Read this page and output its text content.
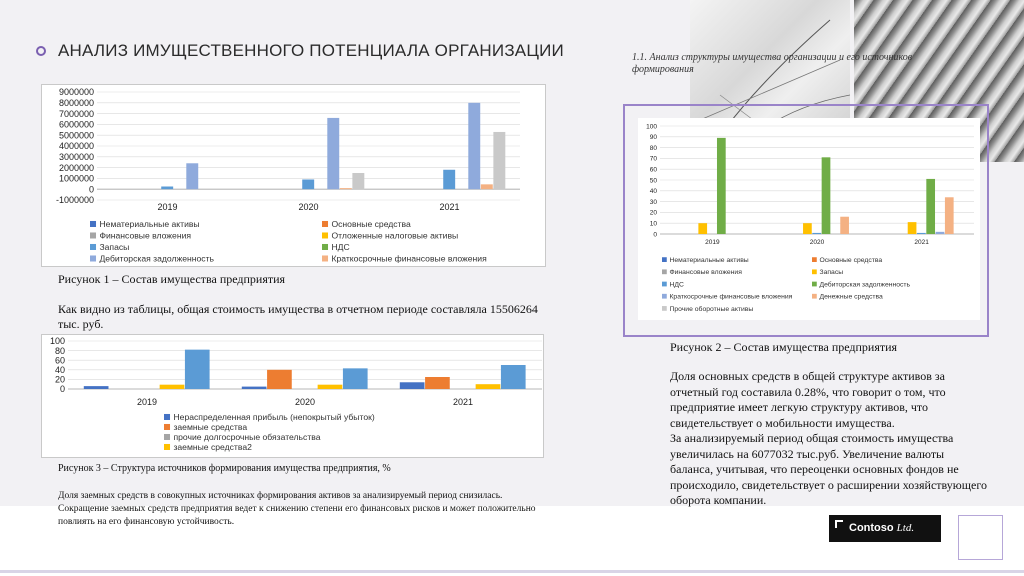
АНАЛИЗ ИМУЩЕСТВЕННОГО ПОТЕНЦИАЛА ОРГАНИЗАЦИИ	1.1. Анализ структуры имущества организации и его источников формирования
9000000
8000000
7000000
6000000
5000000
4000000
3000000
2000000
1000000
0
-1000000
2019	2020	2021
Нематериальные активы	Основные средства
Финансовые вложения	Отложенные налоговые активы
Запасы	НДС
Дебиторская задолженность	Краткосрочные финансовые вложения
Рисунок 1 – Состав имущества предприятия
Как видно из таблицы, общая стоимость имущества в отчетном периоде составляла 15506264 тыс. руб.
100
80
60
40
20
0
2019	2020	2021
Нераспределенная прибыль (непокрытый убыток)
заемные средства
прочие долгосрочные обязательства
заемные средства2
Рисунок 3 – Структура источников формирования имущества предприятия, %
Доля заемных средств в совокупных источниках формирования активов за анализируемый период снизилась. Сокращение заемных средств предприятия ведет к снижению степени его финансовых рисков и может положительно повлиять на его финансовую устойчивость.
100
90
80
70
60
50
40
30
20
10
0
2019	2020	2021
Нематериальные активы	Основные средства
Финансовые вложения	Запасы
НДС	Дебиторская задолженность
Краткосрочные финансовые вложения	Денежные средства
Прочие оборотные активы
Рисунок 2 – Состав имущества предприятия

Доля основных средств в общей структуре активов за отчетный год составила 0.28%, что говорит о том, что предприятие имеет легкую структуру активов, что свидетельствует о мобильности имущества.

За анализируемый период общая стоимость имущества увеличилась на 6077032 тыс.руб. Увеличение валюты баланса, учитывая, что переоценки основных фондов не происходило, свидетельствует о расширении хозяйствующего оборота компании.

Contoso Ltd.
